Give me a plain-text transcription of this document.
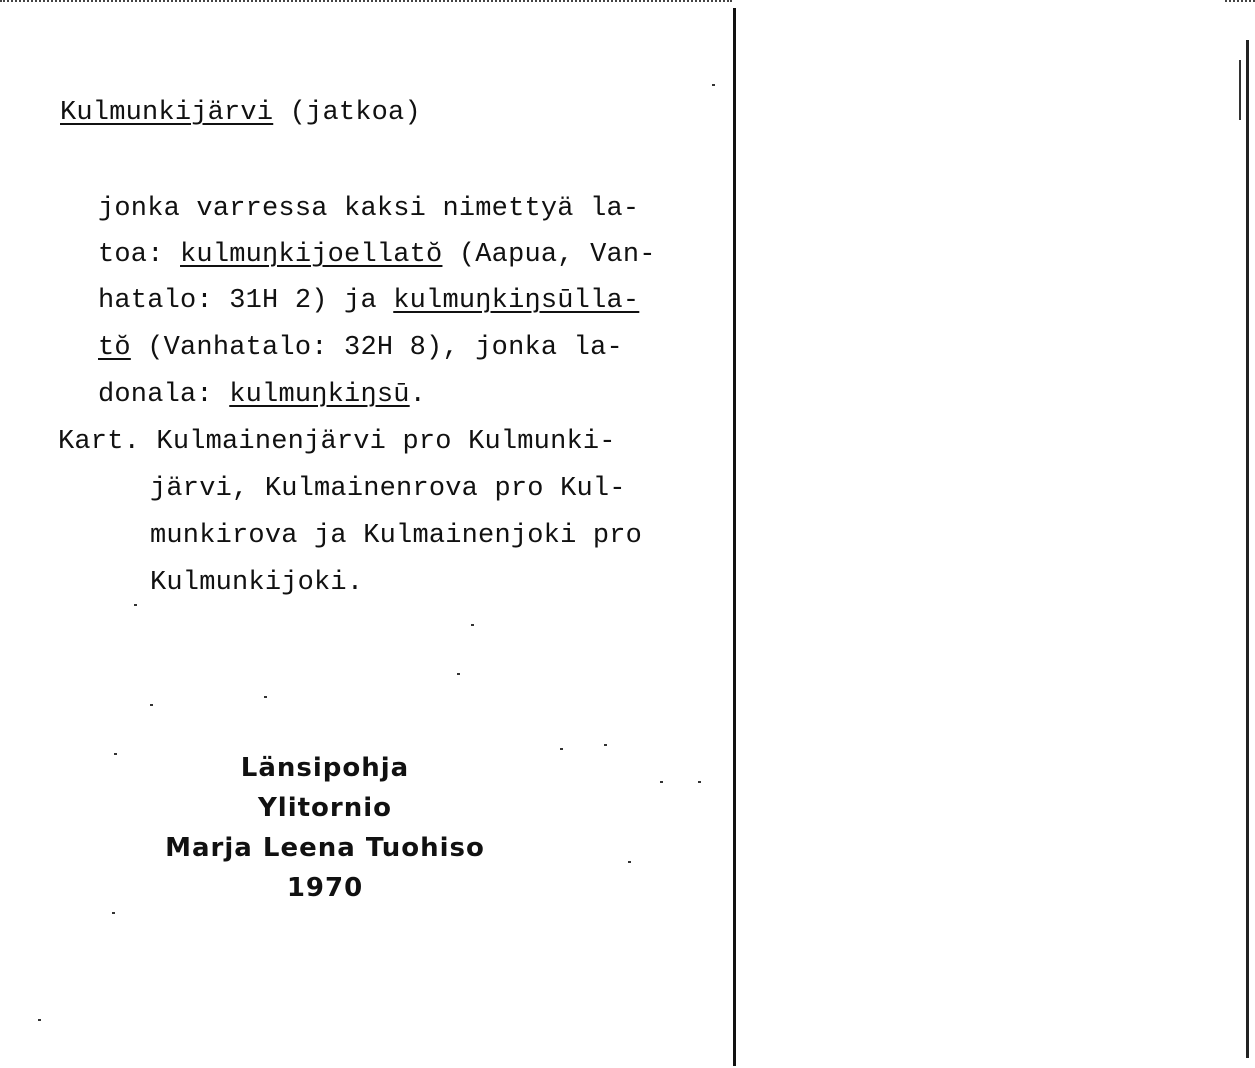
Kulmunkijärvi (jatkoa)
jonka varressa kaksi nimettyä la-
toa: kulmuŋkijoellatŏ (Aapua, Van-
hatalo: 31H 2) ja kulmuŋkiŋsūlla-
tŏ (Vanhatalo: 32H 8), jonka la-
donala: kulmuŋkiŋsū.
Kart. Kulmainenjärvi pro Kulmunki-
järvi, Kulmainenrova pro Kul-
munkirova ja Kulmainenjoki pro
Kulmunkijoki.
Länsipohja
Ylitornio
Marja Leena Tuohiso
1970
